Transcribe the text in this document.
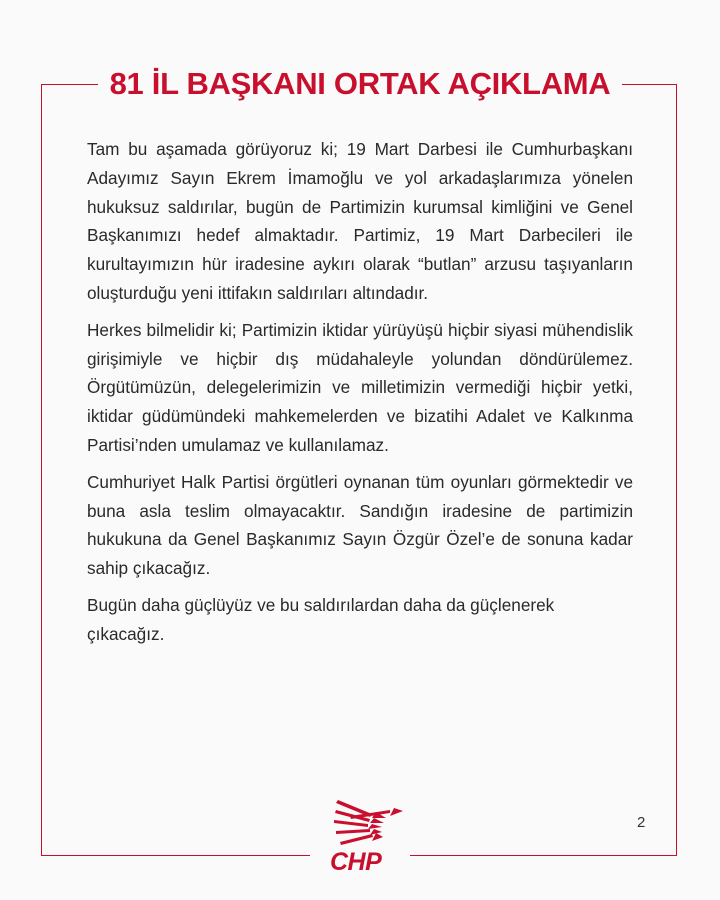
81 İL BAŞKANI ORTAK AÇIKLAMA

Tam bu aşamada görüyoruz ki; 19 Mart Darbesi ile Cumhurbaşkanı Adayımız Sayın Ekrem İmamoğlu ve yol arkadaşlarımıza yönelen hukuksuz saldırılar, bugün de Partimizin kurumsal kimliğini ve Genel Başkanımızı hedef almaktadır. Partimiz, 19 Mart Darbecileri ile kurultayımızın hür iradesine aykırı olarak “butlan” arzusu taşıyanların oluşturduğu yeni ittifakın saldırıları altındadır.

Herkes bilmelidir ki; Partimizin iktidar yürüyüşü hiçbir siyasi mühendislik girişimiyle ve hiçbir dış müdahaleyle yolundan döndürülemez. Örgütümüzün, delegelerimizin ve milletimizin vermediği hiçbir yetki, iktidar güdümündeki mahkemelerden ve bizatihi Adalet ve Kalkınma Partisi’nden umulamaz ve kullanılamaz.

Cumhuriyet Halk Partisi örgütleri oynanan tüm oyunları görmektedir ve buna asla teslim olmayacaktır. Sandığın iradesine de partimizin hukukuna da Genel Başkanımız Sayın Özgür Özel’e de sonuna kadar sahip çıkacağız.

Bugün daha güçlüyüz ve bu saldırılardan daha da güçlenerek çıkacağız.

2
CHP
